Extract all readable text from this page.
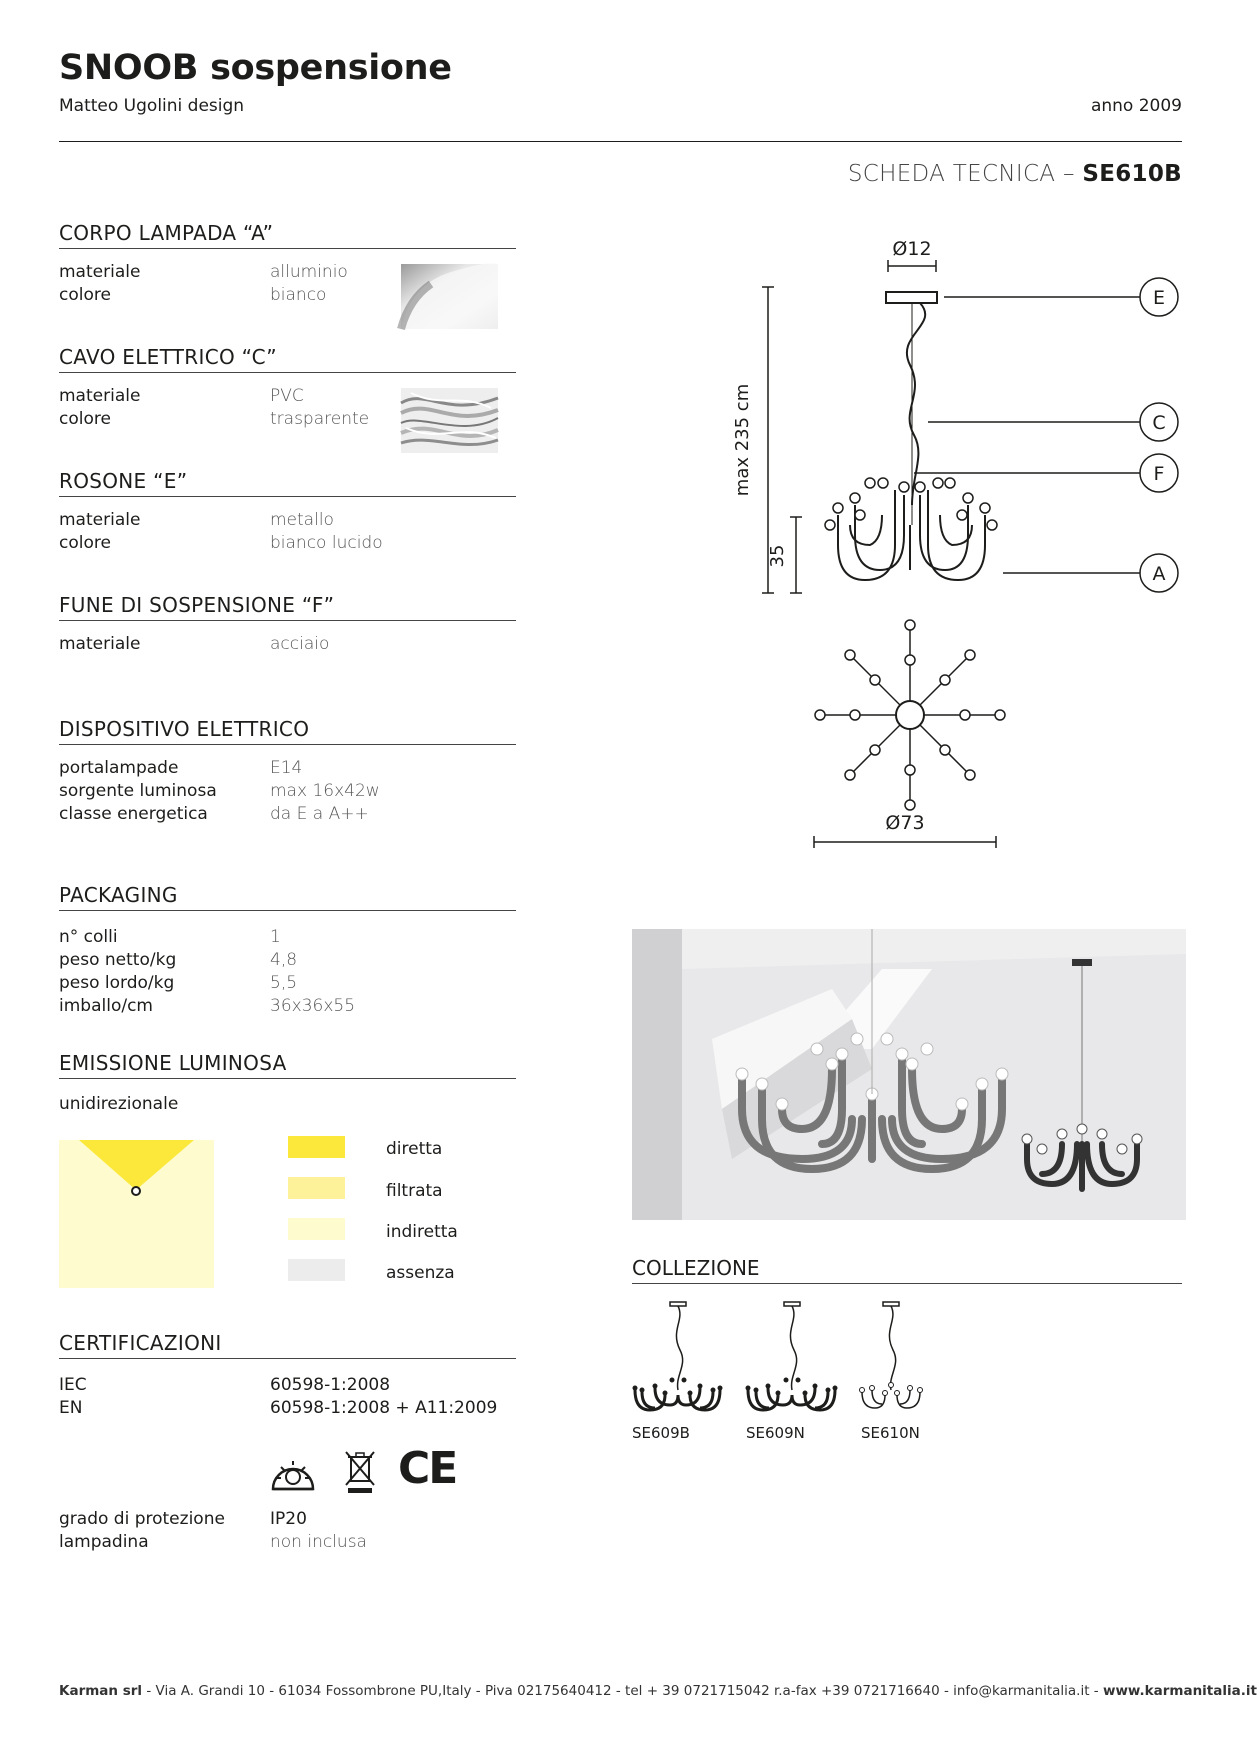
SNOOB sospensione
Matteo Ugolini design	anno 2009
SCHEDA TECNICA – SE610B
CORPO LAMPADA “A”
materiale	alluminio
colore	bianco
CAVO ELETTRICO “C”
materiale	PVC
colore	trasparente
ROSONE “E”
materiale	metallo
colore	bianco lucido
FUNE DI SOSPENSIONE “F”
materiale	acciaio
DISPOSITIVO ELETTRICO
portalampade	E14
sorgente luminosa	max 16x42w
classe energetica	da E a A++
PACKAGING
n° colli	1
peso netto/kg	4,8
peso lordo/kg	5,5
imballo/cm	36x36x55
EMISSIONE LUMINOSA
unidirezionale
diretta
filtrata
indiretta
assenza
CERTIFICAZIONI
IEC	60598-1:2008
EN	60598-1:2008 + A11:2009
CE
grado di protezione	IP20
lampadina	non inclusa
Ø12
max 235 cm
35
E
C
F
A
Ø73
COLLEZIONE
SE609B	SE609N	SE610N
Karman srl - Via A. Grandi 10 - 61034 Fossombrone PU,Italy - Piva 02175640412 - tel + 39 0721715042 r.a-fax +39 0721716640 - info@karmanitalia.it - www.karmanitalia.it
